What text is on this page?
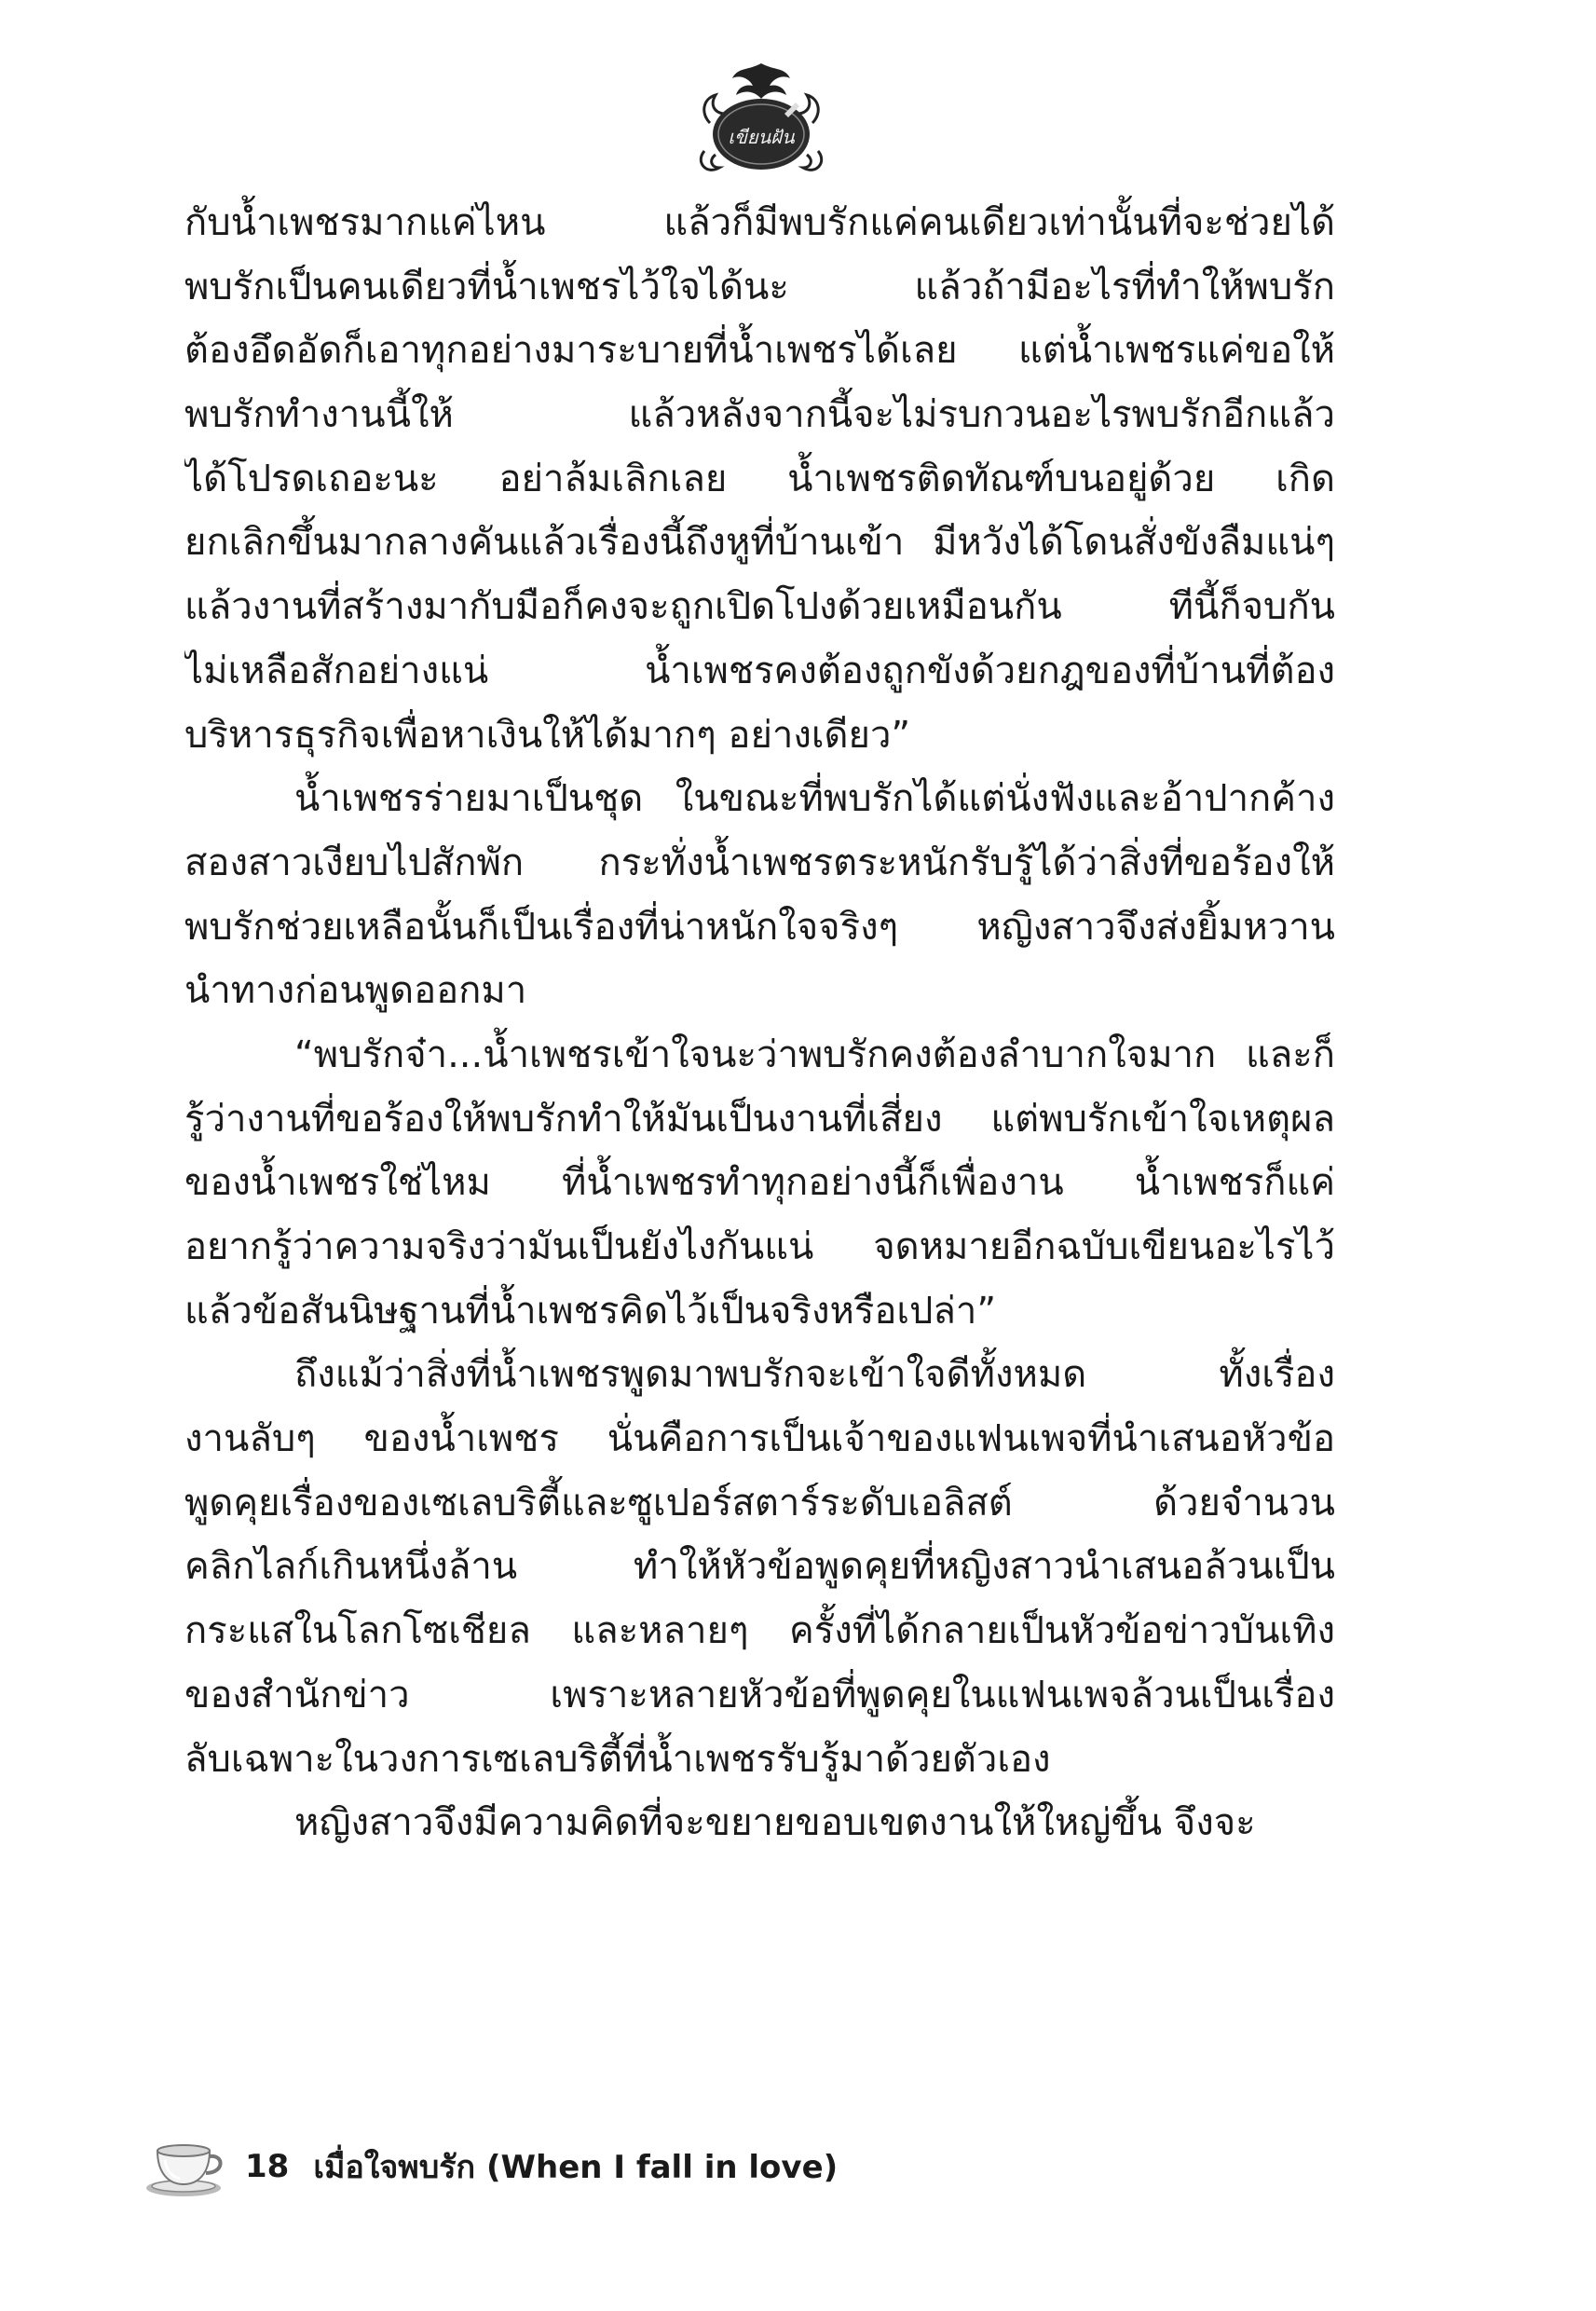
เขียนฝัน
กับน้ำเพชรมากแค่ไหน แล้วก็มีพบรักแค่คนเดียวเท่านั้นที่จะช่วยได้
พบรักเป็นคนเดียวที่น้ำเพชรไว้ใจได้นะ แล้วถ้ามีอะไรที่ทำให้พบรัก
ต้องอึดอัดก็เอาทุกอย่างมาระบายที่น้ำเพชรได้เลย แต่น้ำเพชรแค่ขอให้
พบรักทำงานนี้ให้ แล้วหลังจากนี้จะไม่รบกวนอะไรพบรักอีกแล้ว
ได้โปรดเถอะนะ อย่าล้มเลิกเลย น้ำเพชรติดทัณฑ์บนอยู่ด้วย เกิด
ยกเลิกขึ้นมากลางคันแล้วเรื่องนี้ถึงหูที่บ้านเข้า มีหวังได้โดนสั่งขังลืมแน่ๆ
แล้วงานที่สร้างมากับมือก็คงจะถูกเปิดโปงด้วยเหมือนกัน ทีนี้ก็จบกัน
ไม่เหลือสักอย่างแน่ น้ำเพชรคงต้องถูกขังด้วยกฎของที่บ้านที่ต้อง
บริหารธุรกิจเพื่อหาเงินให้ได้มากๆ อย่างเดียว”
น้ำเพชรร่ายมาเป็นชุด ในขณะที่พบรักได้แต่นั่งฟังและอ้าปากค้าง
สองสาวเงียบไปสักพัก กระทั่งน้ำเพชรตระหนักรับรู้ได้ว่าสิ่งที่ขอร้องให้
พบรักช่วยเหลือนั้นก็เป็นเรื่องที่น่าหนักใจจริงๆ หญิงสาวจึงส่งยิ้มหวาน
นำทางก่อนพูดออกมา
“พบรักจ๋า...น้ำเพชรเข้าใจนะว่าพบรักคงต้องลำบากใจมาก และก็
รู้ว่างานที่ขอร้องให้พบรักทำให้มันเป็นงานที่เสี่ยง แต่พบรักเข้าใจเหตุผล
ของน้ำเพชรใช่ไหม ที่น้ำเพชรทำทุกอย่างนี้ก็เพื่องาน น้ำเพชรก็แค่
อยากรู้ว่าความจริงว่ามันเป็นยังไงกันแน่ จดหมายอีกฉบับเขียนอะไรไว้
แล้วข้อสันนิษฐานที่น้ำเพชรคิดไว้เป็นจริงหรือเปล่า”
ถึงแม้ว่าสิ่งที่น้ำเพชรพูดมาพบรักจะเข้าใจดีทั้งหมด ทั้งเรื่อง
งานลับๆ ของน้ำเพชร นั่นคือการเป็นเจ้าของแฟนเพจที่นำเสนอหัวข้อ
พูดคุยเรื่องของเซเลบริตี้และซูเปอร์สตาร์ระดับเอลิสต์ ด้วยจำนวน
คลิกไลก์เกินหนึ่งล้าน ทำให้หัวข้อพูดคุยที่หญิงสาวนำเสนอล้วนเป็น
กระแสในโลกโซเชียล และหลายๆ ครั้งที่ได้กลายเป็นหัวข้อข่าวบันเทิง
ของสำนักข่าว เพราะหลายหัวข้อที่พูดคุยในแฟนเพจล้วนเป็นเรื่อง
ลับเฉพาะในวงการเซเลบริตี้ที่น้ำเพชรรับรู้มาด้วยตัวเอง
หญิงสาวจึงมีความคิดที่จะขยายขอบเขตงานให้ใหญ่ขึ้น จึงจะ
18 เมื่อใจพบรัก (When I fall in love)
